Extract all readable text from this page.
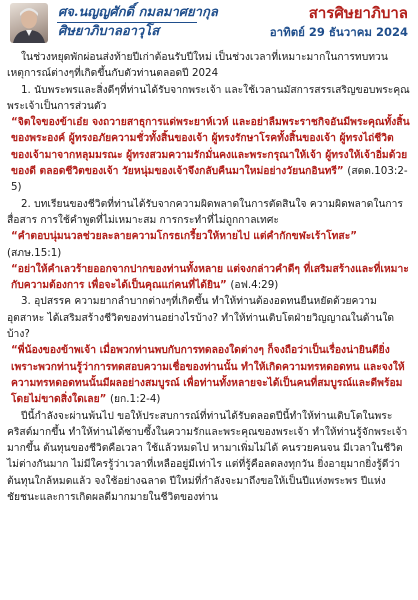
ศจ.นญญศักดิ์ กมลมาศยากุล
ศิษยาภิบาลอาวุโส
สารศิษยาภิบาล
อาทิตย์ 29 ธันวาคม 2024

ในช่วงหยุดพักผ่อนส่งท้ายปีเก่าต้อนรับปีใหม่ เป็นช่วงเวลาที่เหมาะมากในการทบทวนเหตุการณ์ต่างๆที่เกิดขึ้นกับตัวท่านตลอดปี 2024

1. นับพระพรและสิ่งดีๆที่ท่านได้รับจากพระเจ้า และใช้เวลานมัสการสรรเสริญขอบพระคุณพระเจ้าเป็นการส่วนตัว

“จิตใจของข้าเอ๋ย จงถวายสาธุการแด่พระยาห์เวห์ และอย่าลืมพระราชกิจอันมีพระคุณทั้งสิ้นของพระองค์ ผู้ทรงอภัยความชั่วทั้งสิ้นของเจ้า ผู้ทรงรักษาโรคทั้งสิ้นของเจ้า ผู้ทรงไถ่ชีวิตของเจ้ามาจากหลุมมรณะ ผู้ทรงสวมความรักมั่นคงและพระกรุณาให้เจ้า ผู้ทรงให้เจ้าอิ่มด้วยของดี ตลอดชีวิตของเจ้า วัยหนุ่มของเจ้าจึงกลับคืนมาใหม่อย่างวัยนกอินทรี” (สดด.103:2-5)

2. บทเรียนของชีวิตที่ท่านได้รับจากความผิดพลาดในการตัดสินใจ ความผิดพลาดในการสื่อสาร การใช้คำพูดที่ไม่เหมาะสม การกระทำที่ไม่ถูกกาลเทศะ

“คำตอบนุ่มนวลช่วยละลายความโกรธเกรี้ยวให้หายไป แต่คำกักขฬะเร้าโทสะ”

(สภษ.15:1)

“อย่าให้คำเลวร้ายออกจากปากของท่านทั้งหลาย แต่จงกล่าวคำดีๆ ที่เสริมสร้างและที่เหมาะกับความต้องการ เพื่อจะได้เป็นคุณแก่คนที่ได้ยิน” (อฟ.4:29)

3. อุปสรรค ความยากลำบากต่างๆที่เกิดขึ้น ทำให้ท่านต้องอดทนยืนหยัดด้วยความอุตสาหะ ได้เสริมสร้างชีวิตของท่านอย่างไรบ้าง? ทำให้ท่านเติบโตฝ่ายวิญญาณในด้านใดบ้าง?

“พี่น้องของข้าพเจ้า เมื่อพวกท่านพบกับการทดลองใดต่างๆ ก็จงถือว่าเป็นเรื่องน่ายินดียิ่ง เพราะพวกท่านรู้ว่าการทดสอบความเชื่อของท่านนั้น ทำให้เกิดความทรหดอดทน และจงให้ความทรหดอดทนนั้นมีผลอย่างสมบูรณ์ เพื่อท่านทั้งหลายจะได้เป็นคนที่สมบูรณ์และดีพร้อม โดยไม่ขาดสิ่งใดเลย” (ยก.1:2-4)

ปีนี้กำลังจะผ่านพ้นไป ขอให้ประสบการณ์ที่ท่านได้รับตลอดปีนี้ทำให้ท่านเติบโตในพระคริสต์มากขึ้น ทำให้ท่านได้ซาบซึ้งในความรักและพระคุณของพระเจ้า ทำให้ท่านรู้จักพระเจ้ามากขึ้น ต้นทุนของชีวิตคือเวลา ใช้แล้วหมดไป หามาเพิ่มไม่ได้ คนรวยคนจน มีเวลาในชีวิตไม่ต่างกันมาก ไม่มีใครรู้ว่าเวลาที่เหลืออยู่มีเท่าไร แต่ที่รู้คือลดลงทุกวัน ยิ่งอายุมากยิ่งรู้ดีว่าต้นทุนใกล้หมดแล้ว จงใช้อย่างฉลาด ปีใหม่ที่กำลังจะมาถึงขอให้เป็นปีแห่งพระพร ปีแห่งชัยชนะและการเกิดผลดีมากมายในชีวิตของท่าน
